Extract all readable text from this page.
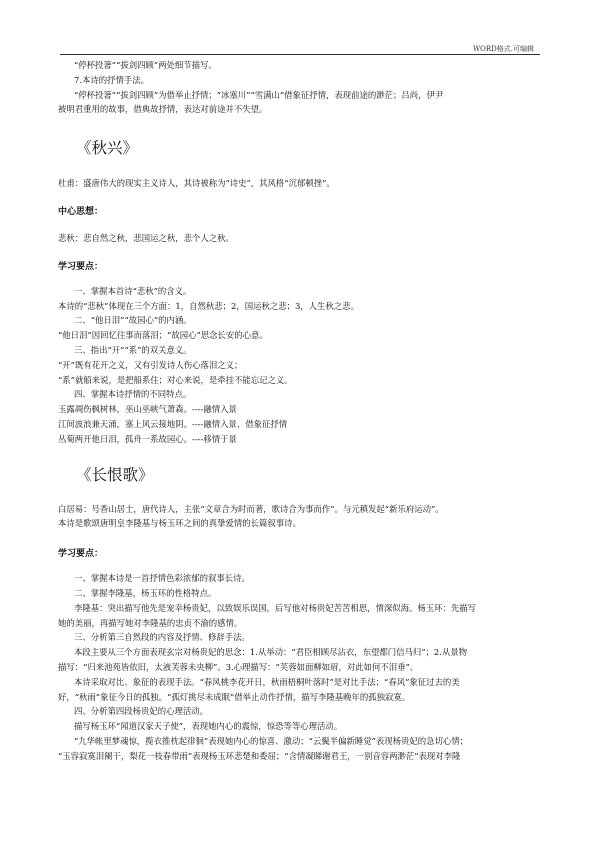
WORD格式.可编辑

“停杯投箸”“拔剑四顾”两处细节描写。

7.本诗的抒情手法。

“停杯投箸”“拔剑四顾”为借举止抒情；“冰塞川”“雪满山”借象征抒情，表现前途的渺茫；吕尚，伊尹

被明君重用的故事，借典故抒情，表达对前途并不失望。

《秋兴》

杜甫：盛唐伟大的现实主义诗人，其诗被称为“诗史”，其风格“沉郁顿挫”。

中心思想：

悲秋：悲自然之秋，悲国运之秋，悲个人之秋。

学习要点：

一、掌握本首诗“悲秋”的含义。

本诗的“悲秋”体现在三个方面：1，自然秋悲；2，国运秋之悲；3，人生秋之悲。

二、“他日泪”“故园心”的内涵。

“他日泪”因回忆往事而落泪；“故园心”思念长安的心意。

三、指出“开”“系”的双关意义。

“开”既有花开之义，又有引发诗人伤心落泪之义；

“系”就船来说，是把船系住；对心来说，是牵挂不能忘记之义。

四、掌握本诗抒情的不同特点。

玉露凋伤枫树林，巫山巫峡气萧森。----融情入景

江间波浪兼天涌，塞上风云接地阴。----融情入景、借象征抒情

丛菊两开他日泪，孤舟一系故园心。----移情于景

《长恨歌》

白居易：号香山居士，唐代诗人，主张“文章合为时而著，歌诗合为事而作”。与元稹发起“新乐府运动”。

本诗是歌颂唐明皇李隆基与杨玉环之间的真挚爱情的长篇叙事诗。

学习要点：

一、掌握本诗是一首抒情色彩浓郁的叙事长诗。

二、掌握李隆基，杨玉环的性格特点。

李隆基：突出描写他先是宠幸杨贵妃，以致娱乐误国，后写他对杨贵妃苦苦相思，情深似海。杨玉环：先描写

她的美丽，再描写她对李隆基的忠贞不渝的感情。

三、分析第三自然段的内容及抒情、修辞手法。

本段主要从三个方面表现玄宗对杨贵妃的思念：1.从举动：“君臣相顾尽沾衣，东望都门信马归”；2.从景物

描写：“归来池苑皆依旧，太液芙蓉未央柳”。3.心理描写：“芙蓉如面柳如眉，对此如何不泪垂”。

本诗采取对比、象征的表现手法。“春风桃李花开日，秋雨梧桐叶落时”是对比手法；“春风”象征过去的美

好，“秋雨”象征今日的孤独。“孤灯挑尽未成眠”借举止动作抒情，描写李隆基晚年的孤独寂寞。

四、分析第四段杨贵妃的心理活动。

描写杨玉环“闻道汉家天子使”，表现她内心的震惊，惊恐等等心理活动。

“九华帐里梦魂惊，揽衣推枕起徘徊”表现她内心的惊喜、激动；“云鬓半偏新睡觉”表现杨贵妃的急切心情；

“玉容寂寞泪阑干，梨花一枝春带雨”表现杨玉环悲楚和委屈；“含情凝睇谢君王，一别音容两渺茫”表现对李隆
